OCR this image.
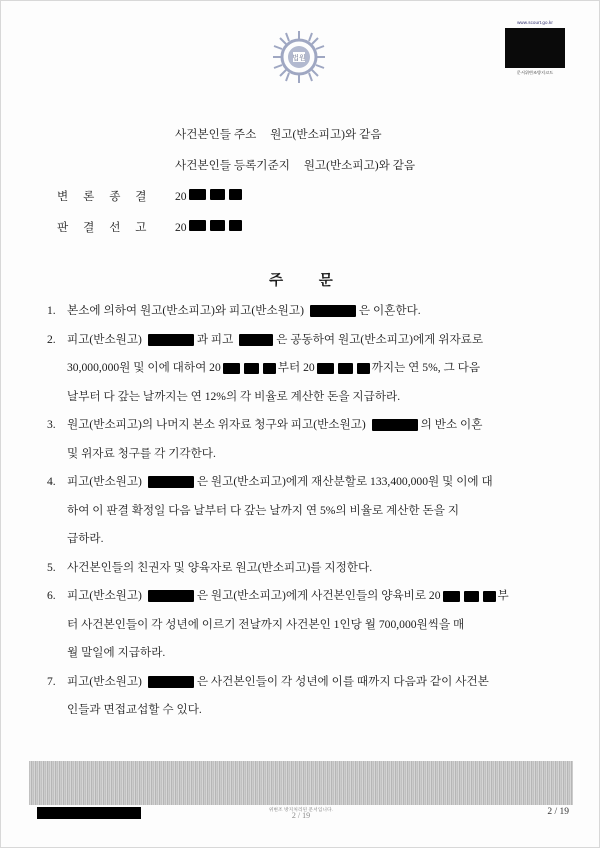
법원
www.scourt.go.kr
문서위변조방지코드
사건본인들 주소 원고(반소피고)와 같음
사건본인들 등록기준지 원고(반소피고)와 같음
변 론 종 결	20
판 결 선 고	20
주 문
1. 본소에 의하여 원고(반소피고)와 피고(반소원고)	은 이혼한다.
2. 피고(반소원고)	과 피고	은 공동하여 원고(반소피고)에게 위자료로
30,000,000원 및 이에 대하여 20	부터 20	까지는 연 5%, 그 다음
날부터 다 갚는 날까지는 연 12%의 각 비율로 계산한 돈을 지급하라.
3. 원고(반소피고)의 나머지 본소 위자료 청구와 피고(반소원고)	의 반소 이혼
및 위자료 청구를 각 기각한다.
4. 피고(반소원고)	은 원고(반소피고)에게 재산분할로 133,400,000원 및 이에 대
하여 이 판결 확정일 다음 날부터 다 갚는 날까지 연 5%의 비율로 계산한 돈을 지
급하라.
5. 사건본인들의 친권자 및 양육자로 원고(반소피고)를 지정한다.
6. 피고(반소원고)	은 원고(반소피고)에게 사건본인들의 양육비로 20	부
터 사건본인들이 각 성년에 이르기 전날까지 사건본인 1인당 월 700,000원씩을 매
월 말일에 지급하라.
7. 피고(반소원고)	은 사건본인들이 각 성년에 이를 때까지 다음과 같이 사건본
인들과 면접교섭할 수 있다.
위변조 방지처리된 문서입니다.
2 / 19	2 / 19
